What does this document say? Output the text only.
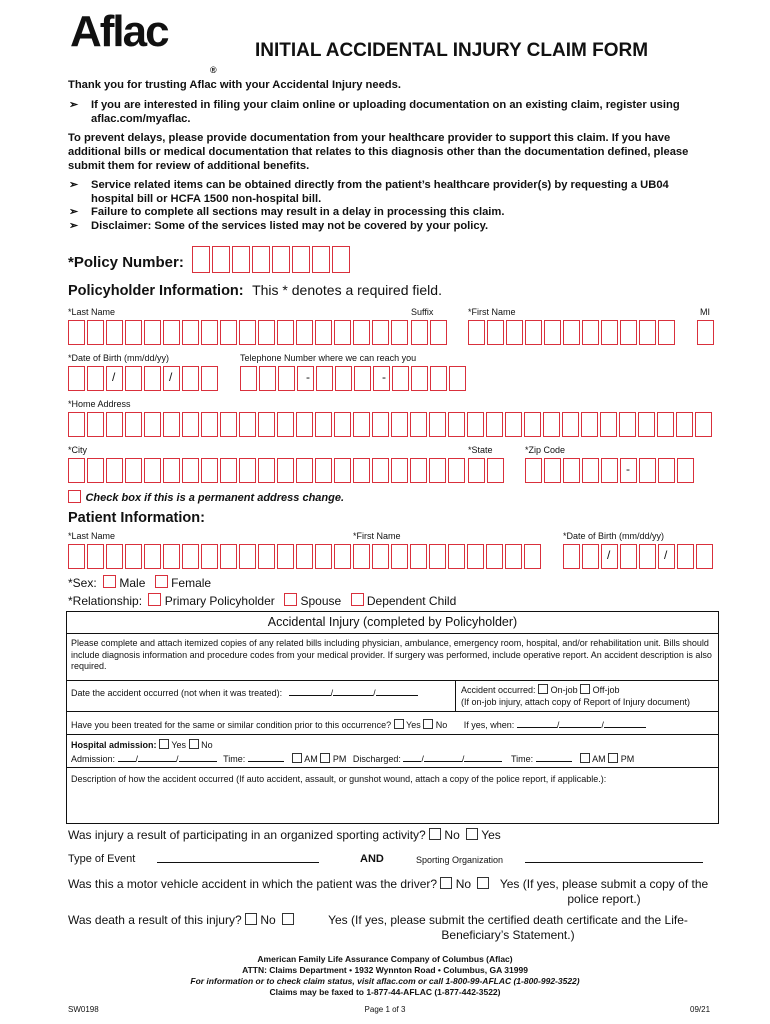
Aflac
®
INITIAL ACCIDENTAL INJURY CLAIM FORM
Thank you for trusting Aflac with your Accidental Injury needs.
➢ If you are interested in filing your claim online or uploading documentation on an existing claim, register using aflac.com/myaflac.
To prevent delays, please provide documentation from your healthcare provider to support this claim. If you have additional bills or medical documentation that relates to this diagnosis other than the documentation defined, please submit them for review of additional benefits.
➢ Service related items can be obtained directly from the patient’s healthcare provider(s) by requesting a UB04 hospital bill or HCFA 1500 non-hospital bill.
➢ Failure to complete all sections may result in a delay in processing this claim.
➢ Disclaimer: Some of the services listed may not be covered by your policy.
*Policy Number:
Policyholder Information: This * denotes a required field.
*Last Name	Suffix	*First Name	MI
*Date of Birth (mm/dd/yy)	Telephone Number where we can reach you
/	/	-	-
*Home Address
*City	*State	*Zip Code
-
Check box if this is a permanent address change.
Patient Information:
*Last Name	*First Name	*Date of Birth (mm/dd/yy)
/	/
*Sex: Male Female
*Relationship: Primary Policyholder Spouse Dependent Child
Accidental Injury (completed by Policyholder)
Please complete and attach itemized copies of any related bills including physician, ambulance, emergency room, hospital, and/or rehabilitation unit. Bills should include diagnosis information and procedure codes from your medical provider. If surgery was performed, include operative report. An accident description is also required.
Date the accident occurred (not when it was treated):	/	/	Accident occurred: On-job Off-job
(If on-job injury, attach copy of Report of Injury document)
Have you been treated for the same or similar condition prior to this occurrence? Yes No If yes, when:	/	/
Hospital admission: Yes No
Admission: /	/	Time:	AM PM Discharged: /	/	Time:	AM PM
Description of how the accident occurred (If auto accident, assault, or gunshot wound, attach a copy of the police report, if applicable.):
Was injury a result of participating in an organized sporting activity? No Yes
Type of Event	AND	Sporting Organization
Was this a motor vehicle accident in which the patient was the driver? No	Yes (If yes, please submit a copy of the police report.)
Was death a result of this injury? No	Yes (If yes, please submit the certified death certificate and the Life-Beneficiary’s Statement.)
American Family Life Assurance Company of Columbus (Aflac)
ATTN: Claims Department • 1932 Wynnton Road • Columbus, GA 31999
For information or to check claim status, visit aflac.com or call 1-800-99-AFLAC (1-800-992-3522)
Claims may be faxed to 1-877-44-AFLAC (1-877-442-3522)
SW0198	Page 1 of 3	09/21
